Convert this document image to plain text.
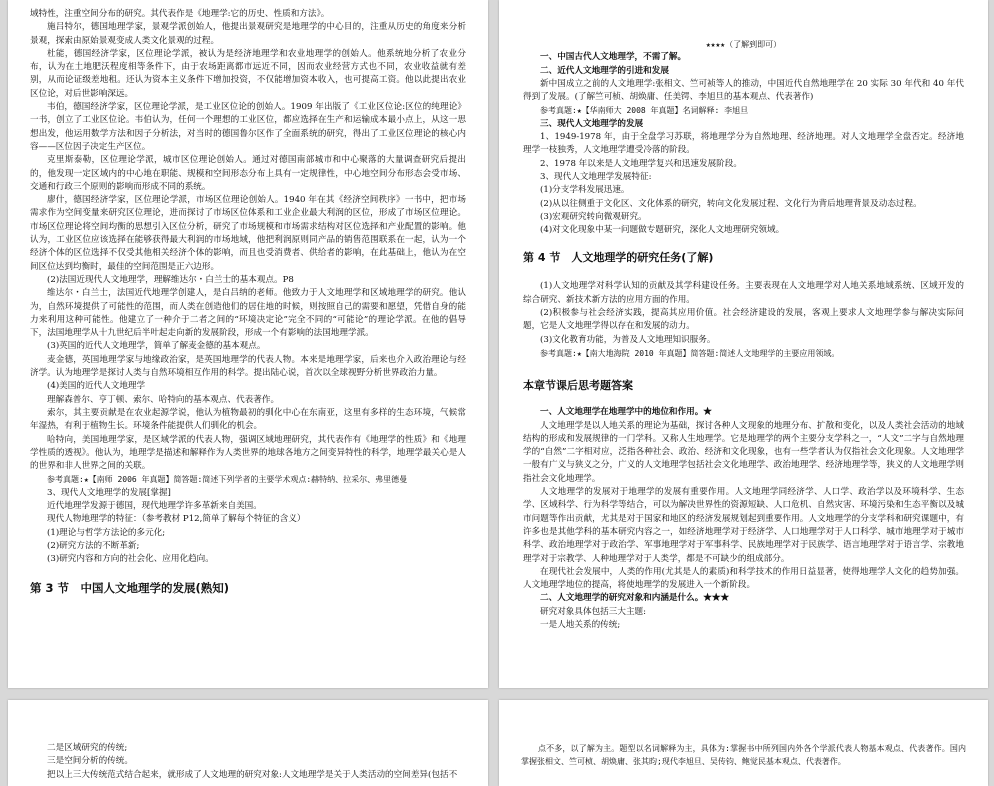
域特性，注重空间分布的研究。其代表作是《地理学:它的历史、性质和方法》。

施吕特尔，德国地理学家，景观学派创始人，他提出景观研究是地理学的中心目的，注重从历史的角度来分析景观，探索由原始景观变成人类文化景观的过程。

杜能，德国经济学家，区位理论学派，被认为是经济地理学和农业地理学的创始人。他系统地分析了农业分布，认为在土地肥沃程度相等条件下，由于农场距离都市远近不同，因而农业经营方式也不同，农业收益就有差别，从而论证级差地租。还认为资本主义条件下增加投资，不仅能增加资本收入，也可提高工资。他以此提出农业区位论，对后世影响深远。

韦伯，德国经济学家，区位理论学派，是工业区位论的创始人。1909 年出版了《工业区位论:区位的纯理论》一书，创立了工业区位论。韦伯认为，任何一个理想的工业区位，都应选择在生产和运输成本最小点上，从这一思想出发，他运用数学方法和因子分析法，对当时的德国鲁尔区作了全面系统的研究，得出了工业区位理论的核心内容——区位因子决定生产区位。

克里斯泰勒，区位理论学派，城市区位理论创始人。通过对德国南部城市和中心聚落的大量调查研究后提出的，他发现一定区域内的中心地在职能、规模和空间形态分布上具有一定规律性，中心地空间分布形态会受市场、交通和行政三个原则的影响而形成不同的系统。

廖什，德国经济学家，区位理论学派，市场区位理论创始人。1940 年在其《经济空间秩序》一书中，把市场需求作为空间变量来研究区位理论，进而探讨了市场区位体系和工业企业最大利润的区位，形成了市场区位理论。市场区位理论将空间均衡的思想引入区位分析，研究了市场规模和市场需求结构对区位选择和产业配置的影响。他认为，工业区位应该选择在能够获得最大利润的市场地域，他把利润原则同产品的销售范围联系在一起，认为一个经济个体的区位选择不仅受其他相关经济个体的影响，而且也受消费者、供给者的影响，在此基础上，他认为在空间区位达到均衡时，最佳的空间范围是正六边形。

(2)法国近现代人文地理学，理解维达尔・白兰士的基本观点。P8

维达尔・白兰士，法国近代地理学创建人，是白吕纳的老师。他致力于人文地理学和区域地理学的研究。他认为，自然环境提供了可能性的范围，而人类在创造他们的居住地的时候，则按照自己的需要和愿望，凭借自身的能力来利用这种可能性。他建立了一种介于二者之间的“环境决定论”完全不同的“可能论”的理论学派。在他的倡导下，法国地理学从十九世纪后半叶起走向新的发展阶段，形成一个有影响的法国地理学派。

(3)英国的近代人文地理学，简单了解麦金德的基本观点。

麦金德，英国地理学家与地缘政治家，是英国地理学的代表人物。本来是地理学家，后来也介入政治理论与经济学。认为地理学是探讨人类与自然环境相互作用的科学。提出陆心说，首次以全球视野分析世界政治力量。

(4)美国的近代人文地理学

理解森普尔、亨丁顿、索尔、哈特向的基本观点、代表著作。

索尔，其主要贡献是在农业起源学说，他认为植物最初的驯化中心在东南亚，这里有多样的生态环境，气候常年湿热，有利于植物生长。环境条件能提供人们驯化的机会。

哈特向，美国地理学家，是区域学派的代表人物，强调区域地理研究，其代表作有《地理学的性质》和《地理学性质的透视》。他认为，地理学是描述和解释作为人类世界的地球各地方之间变异特性的科学，地理学最关心是人的世界和非人世界之间的关联。

参考真题:★【南师 2006 年真题】简答题:简述下列学者的主要学术观点:赫特纳、拉采尔、弗里德曼

3、现代人文地理学的发展[掌握]

近代地理学发源于德国，现代地理学许多革新来自美国。

现代人物地理学的特征：（参考教材 P12,简单了解每个特征的含义）

(1)理论与哲学方法论的多元化;

(2)研究方法的不断革新;

(3)研究内容和方向的社会化、应用化趋向。

第 3 节　中国人文地理学的发展(熟知)

★★★★（了解到即可）

一、中国古代人文地理学，不需了解。

二、近代人文地理学的引进和发展

新中国成立之前的人文地理学:张相文、竺可祯等人的推动，中国近代自然地理学在 20 实际 30 年代和 40 年代得到了发展。(了解竺可桢、胡焕庸、任美锷、李旭旦的基本观点、代表著作)

参考真题:★【华南师大 2008 年真题】名词解释: 李旭旦

三、现代人文地理学的发展

1、1949-1978 年，由于全盘学习苏联，将地理学分为自然地理、经济地理。对人文地理学全盘否定。经济地理学一枝独秀，人文地理学遭受冷落的阶段。

2、1978 年以来是人文地理学复兴和迅速发展阶段。

3、现代人文地理学发展特征:

(1)分支学科发展迅速。

(2)从以往侧重于文化区、文化体系的研究，转向文化发展过程、文化行为背后地理背景及动态过程。

(3)宏观研究转向微观研究。

(4)对文化现象中某一问题做专题研究，深化人文地理研究领域。

第 4 节　人文地理学的研究任务(了解)

(1)人文地理学对科学认知的贡献及其学科建设任务。主要表现在人文地理学对人地关系地域系统、区域开发的综合研究、新技术新方法的应用方面的作用。

(2)积极参与社会经济实践，提高其应用价值。社会经济建设的发展，客观上要求人文地理学参与解决实际问题，它是人文地理学得以存在和发展的动力。

(3)文化教育功能，为普及人文地理知识服务。

参考真题:★【南大地海院 2010 年真题】简答题:简述人文地理学的主要应用领域。

本章节课后思考题答案

一、人文地理学在地理学中的地位和作用。★

人文地理学是以人地关系的理论为基础，探讨各种人文现象的地理分布、扩散和变化，以及人类社会活动的地域结构的形成和发展规律的一门学科。又称人生地理学。它是地理学的两个主要分支学科之一，“人文”二字与自然地理学的“自然”二字相对应，泛指各种社会、政治、经济和文化现象，也有一些学者认为仅指社会文化现象。人文地理学一般有广义与狭义之分，广义的人文地理学包括社会文化地理学、政治地理学、经济地理学等，狭义的人文地理学则指社会文化地理学。

人文地理学的发展对于地理学的发展有重要作用。人文地理学同经济学、人口学、政治学以及环境科学、生态学、区域科学、行为科学等结合，可以为解决世界性的资源短缺、人口危机、自然灾害、环境污染和生态平衡以及城市问题等作出贡献，尤其是对于国家和地区的经济发展规划起到重要作用。人文地理学的分支学科和研究课题中，有许多也是其他学科的基本研究内容之一，如经济地理学对于经济学、人口地理学对于人口科学、城市地理学对于城市科学、政治地理学对于政治学、军事地理学对于军事科学、民族地理学对于民族学、语言地理学对于语言学、宗教地理学对于宗教学、人种地理学对于人类学，都是不可缺少的组成部分。

在现代社会发展中，人类的作用(尤其是人的素质)和科学技术的作用日益显著，使得地理学人文化的趋势加强。人文地理学地位的提高，将使地理学的发展进入一个新阶段。

二、人文地理学的研究对象和内涵是什么。★★★

研究对象具体包括三大主题:

一是人地关系的传统;

二是区域研究的传统;

三是空间分析的传统。

把以上三大传统范式结合起来，就形成了人文地理的研究对象:人文地理学是关于人类活动的空间差异(包括不

点不多，以了解为主。题型以名词解释为主，具体为:掌握书中所列国内外各个学派代表人物基本观点、代表著作。国内掌握张相文、竺可桢、胡焕庸、张其昀;现代李旭旦、吴传钧、鲍觉民基本观点、代表著作。
